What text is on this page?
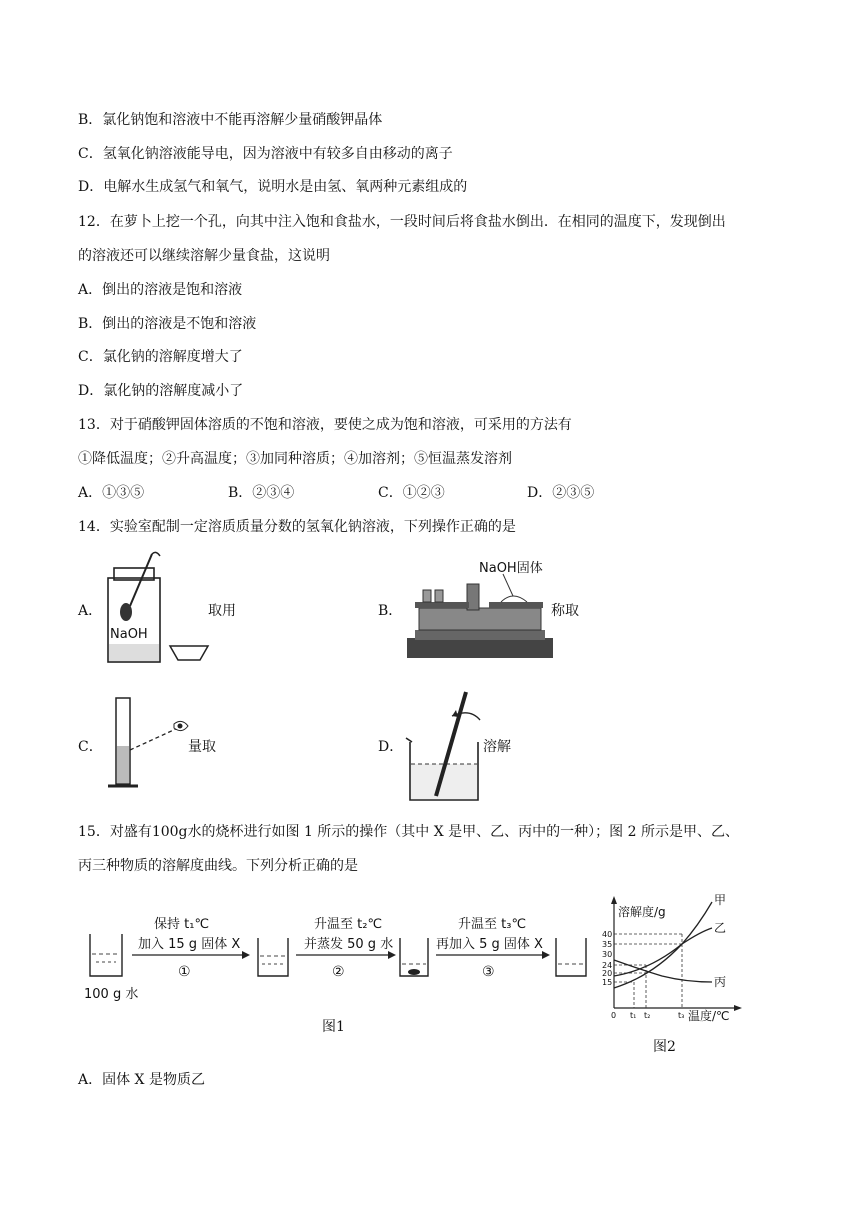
B．氯化钠饱和溶液中不能再溶解少量硝酸钾晶体
C．氢氧化钠溶液能导电，因为溶液中有较多自由移动的离子
D．电解水生成氢气和氧气，说明水是由氢、氧两种元素组成的
12．在萝卜上挖一个孔，向其中注入饱和食盐水，一段时间后将食盐水倒出．在相同的温度下，发现倒出
的溶液还可以继续溶解少量食盐，这说明
A．倒出的溶液是饱和溶液
B．倒出的溶液是不饱和溶液
C．氯化钠的溶解度增大了
D．氯化钠的溶解度减小了
13．对于硝酸钾固体溶质的不饱和溶液，要使之成为饱和溶液，可采用的方法有
①降低温度；②升高温度；③加同种溶质；④加溶剂；⑤恒温蒸发溶剂
A．①③⑤	B．②③④	C．①②③	D．②③⑤
14．实验室配制一定溶质质量分数的氢氧化钠溶液，下列操作正确的是
A．
NaOH
取用	B．
NaOH固体
称取
C．	量取	D．	溶解
15．对盛有100g水的烧杯进行如图 1 所示的操作（其中 X 是甲、乙、丙中的一种）；图 2 所示是甲、乙、
丙三种物质的溶解度曲线。下列分析正确的是
100 g 水
保持 t₁℃
加入 15 g 固体 X
①
升温至 t₂℃
并蒸发 50 g 水
②
升温至 t₃℃
再加入 5 g 固体 X
③
图1
溶解度/g
温度/℃
40
35
30
24
20
15
0 t₁ t₂	t₃
甲
乙
丙
图2
A．固体 X 是物质乙
